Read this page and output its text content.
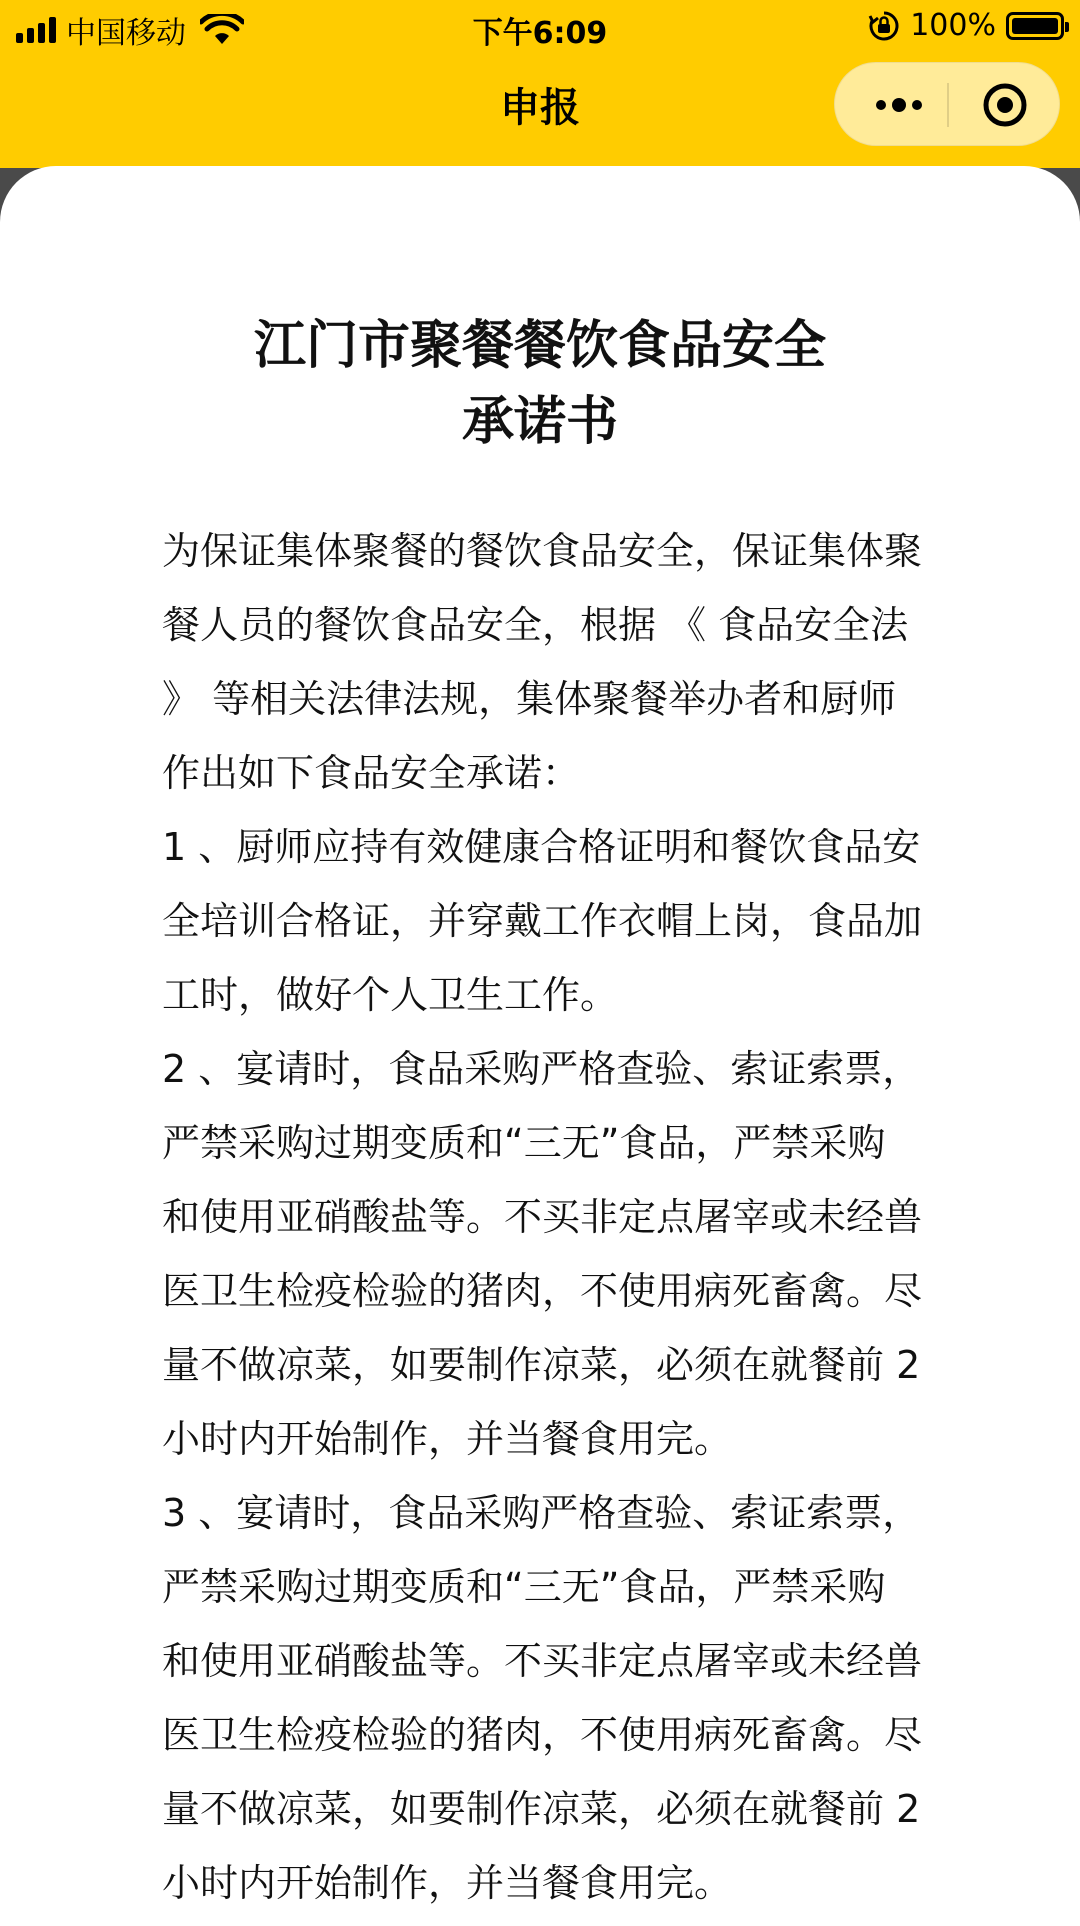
中国移动	下午6:09	100%
申报
江门市聚餐餐饮食品安全
承诺书

为保证集体聚餐的餐饮食品安全，保证集体聚餐人员的餐饮食品安全，根据 《 食品安全法 》 等相关法律法规，集体聚餐举办者和厨师作出如下食品安全承诺：

1 、厨师应持有效健康合格证明和餐饮食品安全培训合格证，并穿戴工作衣帽上岗，食品加工时，做好个人卫生工作。

2 、宴请时，食品采购严格查验、索证索票，严禁采购过期变质和“三无”食品，严禁采购和使用亚硝酸盐等。不买非定点屠宰或未经兽医卫生检疫检验的猪肉，不使用病死畜禽。尽量不做凉菜，如要制作凉菜，必须在就餐前 2 小时内开始制作，并当餐食用完。

3 、宴请时，食品采购严格查验、索证索票，严禁采购过期变质和“三无”食品，严禁采购和使用亚硝酸盐等。不买非定点屠宰或未经兽医卫生检疫检验的猪肉，不使用病死畜禽。尽量不做凉菜，如要制作凉菜，必须在就餐前 2 小时内开始制作，并当餐食用完。
